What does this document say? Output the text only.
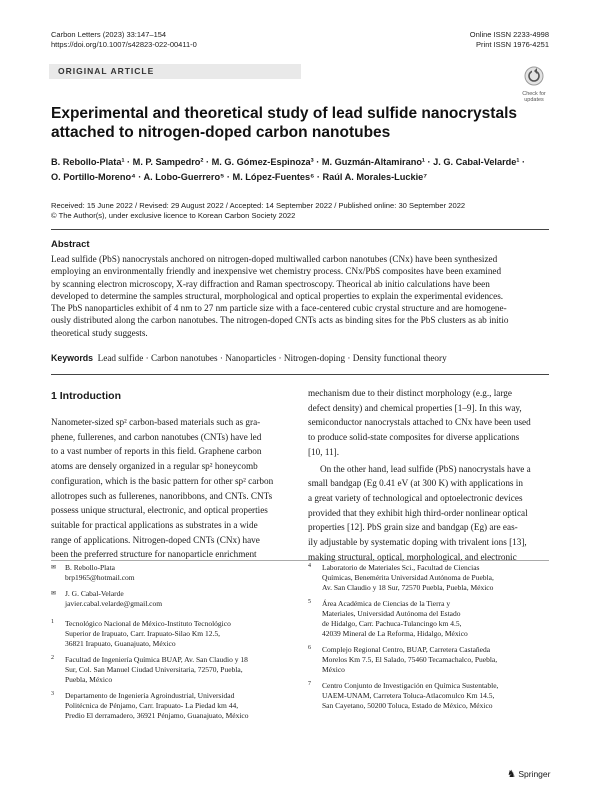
Carbon Letters (2023) 33:147–154
https://doi.org/10.1007/s42823-022-00411-0
Online ISSN 2233-4998
Print ISSN 1976-4251
ORIGINAL ARTICLE
Check for
updates
Experimental and theoretical study of lead sulfide nanocrystals
attached to nitrogen-doped carbon nanotubes
B. Rebollo-Plata¹ · M. P. Sampedro² · M. G. Gómez-Espinoza³ · M. Guzmán-Altamirano¹ · J. G. Cabal-Velarde¹ ·
O. Portillo-Moreno⁴ · A. Lobo-Guerrero⁵ · M. López-Fuentes⁶ · Raúl A. Morales-Luckie⁷
Received: 15 June 2022 / Revised: 29 August 2022 / Accepted: 14 September 2022 / Published online: 30 September 2022
© The Author(s), under exclusive licence to Korean Carbon Society 2022
Abstract
Lead sulfide (PbS) nanocrystals anchored on nitrogen-doped multiwalled carbon nanotubes (CNx) have been synthesized
employing an environmentally friendly and inexpensive wet chemistry process. CNx/PbS composites have been examined
by scanning electron microscopy, X-ray diffraction and Raman spectroscopy. Theorical ab initio calculations have been
developed to determine the samples structural, morphological and optical properties to explain the experimental evidences.
The PbS nanoparticles exhibit of 4 nm to 27 nm particle size with a face-centered cubic crystal structure and are homogene-
ously distributed along the carbon nanotubes. The nitrogen-doped CNTs acts as binding sites for the PbS clusters as ab initio
theoretical study suggests.
Keywords Lead sulfide · Carbon nanotubes · Nanoparticles · Nitrogen-doping · Density functional theory
1 Introduction
Nanometer-sized sp² carbon-based materials such as gra-
phene, fullerenes, and carbon nanotubes (CNTs) have led
to a vast number of reports in this field. Graphene carbon
atoms are densely organized in a regular sp² honeycomb
configuration, which is the basic pattern for other sp² carbon
allotropes such as fullerenes, nanoribbons, and CNTs. CNTs
possess unique structural, electronic, and optical properties
suitable for practical applications as substrates in a wide
range of applications. Nitrogen-doped CNTs (CNx) have
been the preferred structure for nanoparticle enrichment

mechanism due to their distinct morphology (e.g., large
defect density) and chemical properties [1–9]. In this way,
semiconductor nanocrystals attached to CNx have been used
to produce solid-state composites for diverse applications
[10, 11].

On the other hand, lead sulfide (PbS) nanocrystals have a
small bandgap (Eg 0.41 eV (at 300 K) with applications in
a great variety of technological and optoelectronic devices
provided that they exhibit high third-order nonlinear optical
properties [12]. PbS grain size and bandgap (Eg) are eas-
ily adjustable by systematic doping with trivalent ions [13],
making structural, optical, morphological, and electronic

✉ B. Rebollo-Plata
brp1965@hotmail.com
✉ J. G. Cabal-Velarde
javier.cabal.velarde@gmail.com
1 Tecnológico Nacional de México-Instituto Tecnológico
Superior de Irapuato, Carr. Irapuato-Silao Km 12.5,
36821 Irapuato, Guanajuato, México
2 Facultad de Ingeniería Química BUAP, Av. San Claudio y 18
Sur, Col. San Manuel Ciudad Universitaria, 72570, Puebla,
Puebla, México
3 Departamento de Ingeniería Agroindustrial, Universidad
Politécnica de Pénjamo, Carr. Irapuato- La Piedad km 44,
Predio El derramadero, 36921 Pénjamo, Guanajuato, México
4 Laboratorio de Materiales Sci., Facultad de Ciencias
Químicas, Benemérita Universidad Autónoma de Puebla,
Av. San Claudio y 18 Sur, 72570 Puebla, Puebla, México
5 Área Académica de Ciencias de la Tierra y
Materiales, Universidad Autónoma del Estado
de Hidalgo, Carr. Pachuca-Tulancingo km 4.5,
42039 Mineral de La Reforma, Hidalgo, México
6 Complejo Regional Centro, BUAP, Carretera Castañeda
Morelos Km 7.5, El Salado, 75460 Tecamachalco, Puebla,
México
7 Centro Conjunto de Investigación en Química Sustentable,
UAEM-UNAM, Carretera Toluca-Atlacomulco Km 14.5,
San Cayetano, 50200 Toluca, Estado de México, México
♞ Springer
